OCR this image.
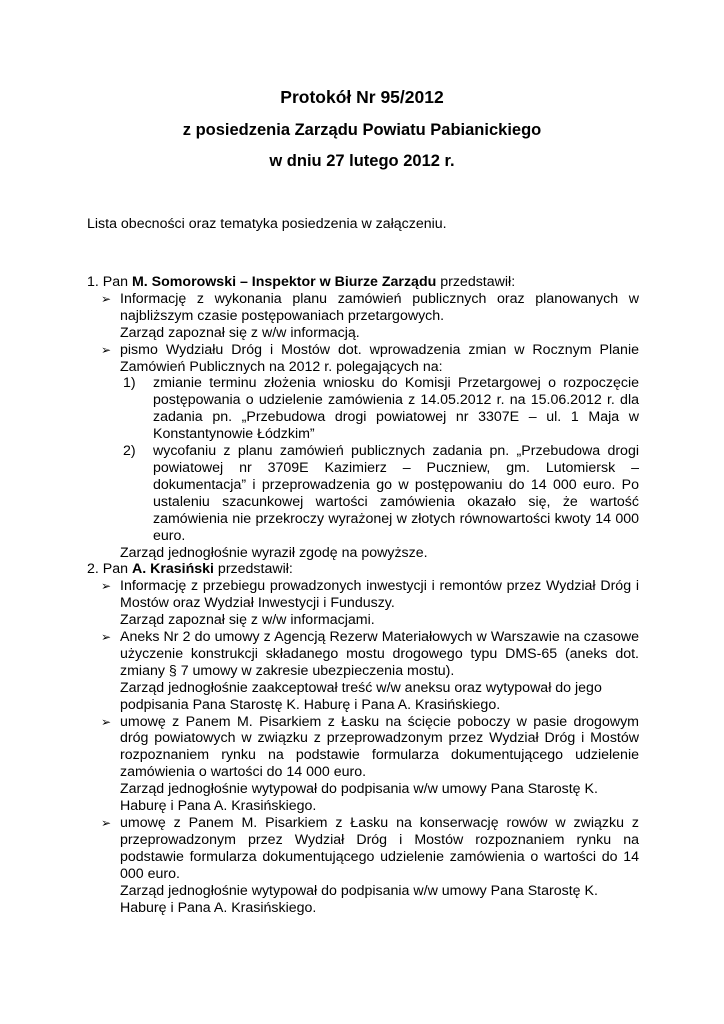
Protokół Nr 95/2012
z posiedzenia Zarządu Powiatu Pabianickiego
w dniu 27 lutego 2012 r.
Lista obecności oraz tematyka posiedzenia w załączeniu.

1. Pan M. Somorowski – Inspektor w Biurze Zarządu przedstawił:

➢ Informację z wykonania planu zamówień publicznych oraz planowanych w najbliższym czasie postępowaniach przetargowych.

Zarząd zapoznał się z w/w informacją.

➢ pismo Wydziału Dróg i Mostów dot. wprowadzenia zmian w Rocznym Planie Zamówień Publicznych na 2012 r. polegających na:
1) zmianie terminu złożenia wniosku do Komisji Przetargowej o rozpoczęcie postępowania o udzielenie zamówienia z 14.05.2012 r. na 15.06.2012 r. dla zadania pn. „Przebudowa drogi powiatowej nr 3307E – ul. 1 Maja w Konstantynowie Łódzkim”
2) wycofaniu z planu zamówień publicznych zadania pn. „Przebudowa drogi powiatowej nr 3709E Kazimierz – Puczniew, gm. Lutomiersk – dokumentacja” i przeprowadzenia go w postępowaniu do 14 000 euro. Po ustaleniu szacunkowej wartości zamówienia okazało się, że wartość zamówienia nie przekroczy wyrażonej w złotych równowartości kwoty 14 000 euro.

Zarząd jednogłośnie wyraził zgodę na powyższe.

2. Pan A. Krasiński przedstawił:

➢ Informację z przebiegu prowadzonych inwestycji i remontów przez Wydział Dróg i Mostów oraz Wydział Inwestycji i Funduszy.

Zarząd zapoznał się z w/w informacjami.

➢ Aneks Nr 2 do umowy z Agencją Rezerw Materiałowych w Warszawie na czasowe użyczenie konstrukcji składanego mostu drogowego typu DMS-65 (aneks dot. zmiany § 7 umowy w zakresie ubezpieczenia mostu).

Zarząd jednogłośnie zaakceptował treść w/w aneksu oraz wytypował do jego podpisania Pana Starostę K. Haburę i Pana A. Krasińskiego.

➢ umowę z Panem M. Pisarkiem z Łasku na ścięcie poboczy w pasie drogowym dróg powiatowych w związku z przeprowadzonym przez Wydział Dróg i Mostów rozpoznaniem rynku na podstawie formularza dokumentującego udzielenie zamówienia o wartości do 14 000 euro.

Zarząd jednogłośnie wytypował do podpisania w/w umowy Pana Starostę K. Haburę i Pana A. Krasińskiego.

➢ umowę z Panem M. Pisarkiem z Łasku na konserwację rowów w związku z przeprowadzonym przez Wydział Dróg i Mostów rozpoznaniem rynku na podstawie formularza dokumentującego udzielenie zamówienia o wartości do 14 000 euro.

Zarząd jednogłośnie wytypował do podpisania w/w umowy Pana Starostę K. Haburę i Pana A. Krasińskiego.
